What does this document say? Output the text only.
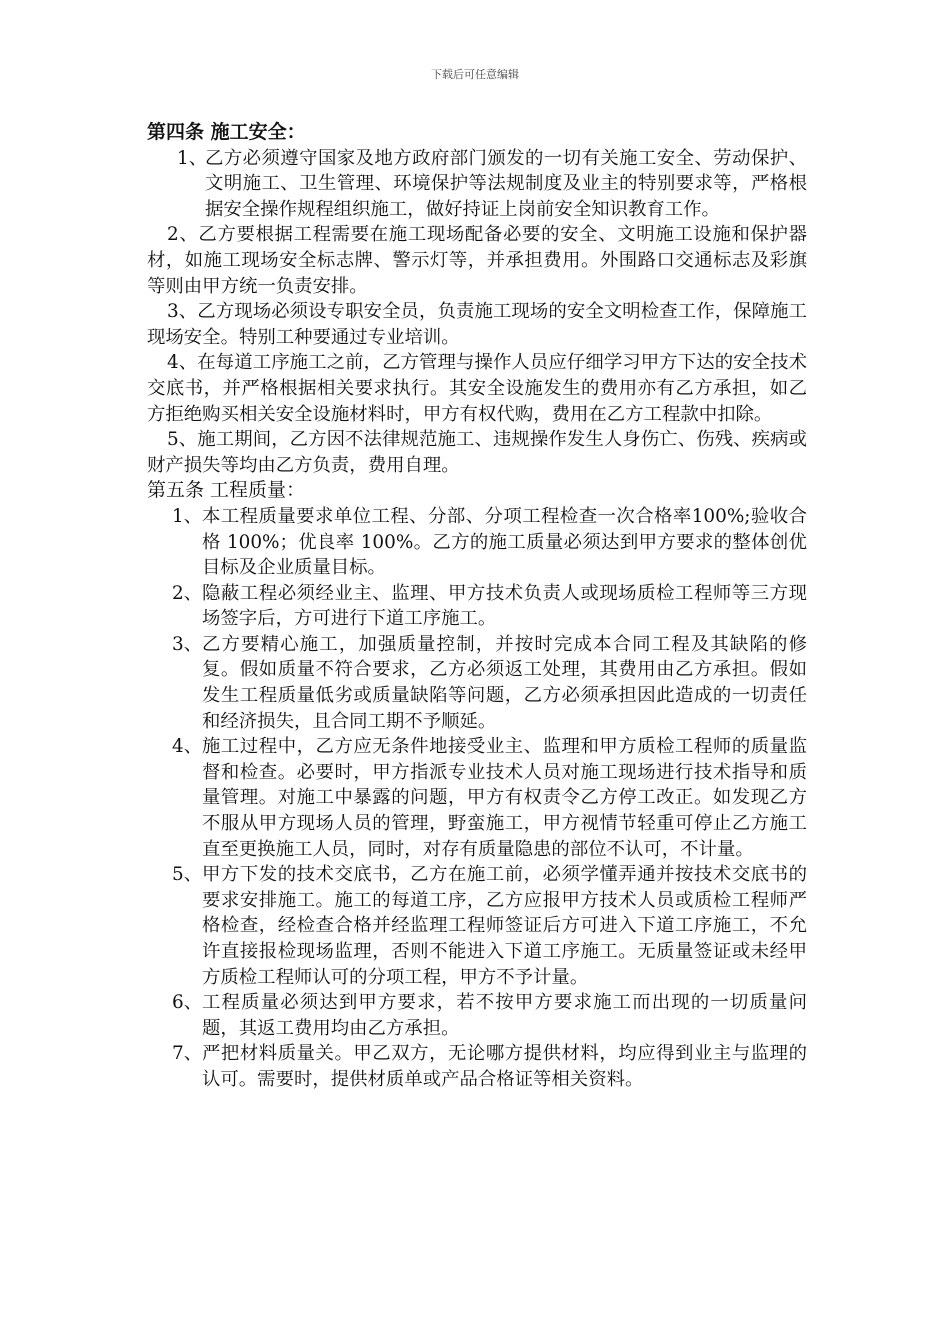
下载后可任意编辑

第四条 施工安全：

1、
乙方必须遵守国家及地方政府部门颁发的一切有关施工安全、劳动保护、文明施工、卫生管理、环境保护等法规制度及业主的特别要求等，严格根据安全操作规程组织施工，做好持证上岗前安全知识教育工作。

2、乙方要根据工程需要在施工现场配备必要的安全、文明施工设施和保护器材，如施工现场安全标志牌、警示灯等，并承担费用。外围路口交通标志及彩旗等则由甲方统一负责安排。

3、乙方现场必须设专职安全员，负责施工现场的安全文明检查工作，保障施工现场安全。特别工种要通过专业培训。

4、在每道工序施工之前，乙方管理与操作人员应仔细学习甲方下达的安全技术交底书，并严格根据相关要求执行。其安全设施发生的费用亦有乙方承担，如乙方拒绝购买相关安全设施材料时，甲方有权代购，费用在乙方工程款中扣除。

5、施工期间，乙方因不法律规范施工、违规操作发生人身伤亡、伤残、疾病或财产损失等均由乙方负责，费用自理。

第五条 工程质量：

1、 本工程质量要求单位工程、分部、分项工程检查一次合格率100%;验收合格 100%；优良率 100%。乙方的施工质量必须达到甲方要求的整体创优目标及企业质量目标。

2、 隐蔽工程必须经业主、监理、甲方技术负责人或现场质检工程师等三方现场签字后，方可进行下道工序施工。

3、 乙方要精心施工，加强质量控制，并按时完成本合同工程及其缺陷的修复。假如质量不符合要求，乙方必须返工处理，其费用由乙方承担。假如发生工程质量低劣或质量缺陷等问题，乙方必须承担因此造成的一切责任和经济损失，且合同工期不予顺延。

4、 施工过程中，乙方应无条件地接受业主、监理和甲方质检工程师的质量监督和检查。必要时，甲方指派专业技术人员对施工现场进行技术指导和质量管理。对施工中暴露的问题，甲方有权责令乙方停工改正。如发现乙方不服从甲方现场人员的管理，野蛮施工，甲方视情节轻重可停止乙方施工直至更换施工人员，同时，对存有质量隐患的部位不认可，不计量。

5、 甲方下发的技术交底书，乙方在施工前，必须学懂弄通并按技术交底书的要求安排施工。施工的每道工序，乙方应报甲方技术人员或质检工程师严格检查，经检查合格并经监理工程师签证后方可进入下道工序施工，不允许直接报检现场监理，否则不能进入下道工序施工。无质量签证或未经甲方质检工程师认可的分项工程，甲方不予计量。

6、 工程质量必须达到甲方要求，若不按甲方要求施工而出现的一切质量问题，其返工费用均由乙方承担。

7、 严把材料质量关。甲乙双方，无论哪方提供材料，均应得到业主与监理的认可。需要时，提供材质单或产品合格证等相关资料。
